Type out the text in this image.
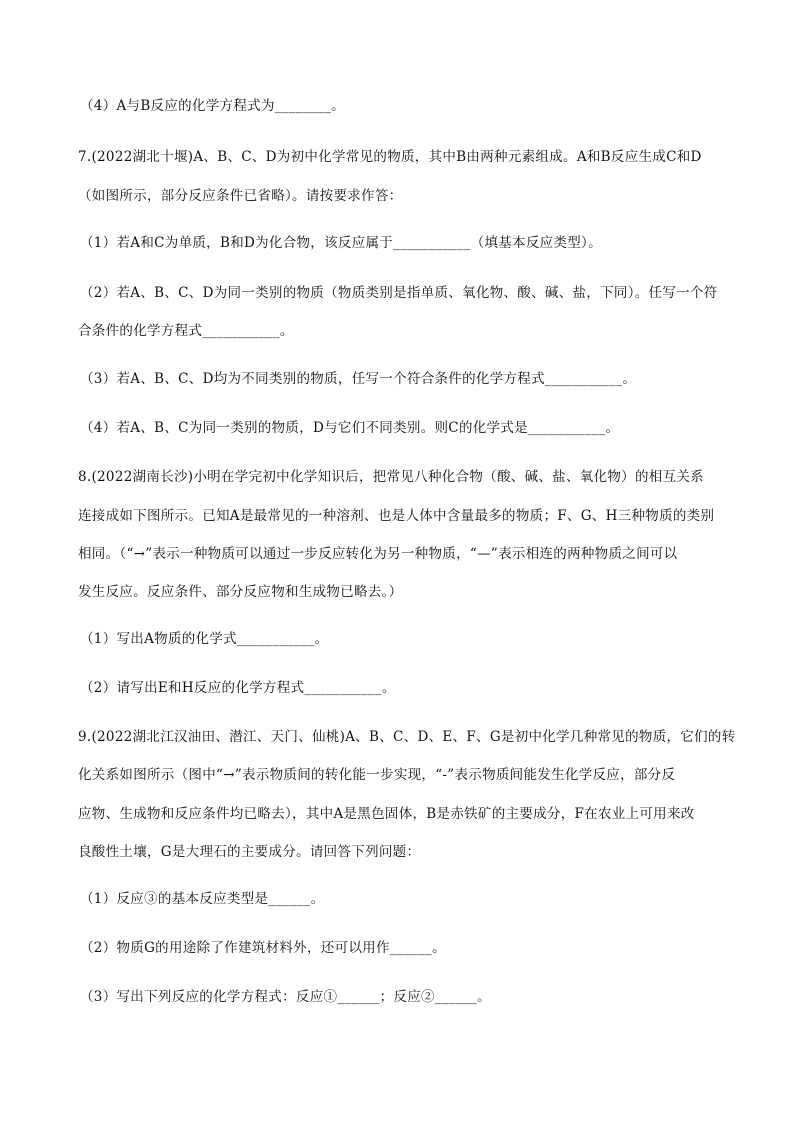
（4）A与B反应的化学方程式为________。
7.(2022湖北十堰)A、B、C、D为初中化学常见的物质，其中B由两种元素组成。A和B反应生成C和D
（如图所示，部分反应条件已省略）。请按要求作答：
（1）若A和C为单质，B和D为化合物，该反应属于___________（填基本反应类型）。
（2）若A、B、C、D为同一类别的物质（物质类别是指单质、氧化物、酸、碱、盐，下同）。任写一个符
合条件的化学方程式___________。
（3）若A、B、C、D均为不同类别的物质，任写一个符合条件的化学方程式___________。
（4）若A、B、C为同一类别的物质，D与它们不同类别。则C的化学式是___________。
8.(2022湖南长沙)小明在学完初中化学知识后，把常见八种化合物（酸、碱、盐、氧化物）的相互关系
连接成如下图所示。已知A是最常见的一种溶剂、也是人体中含量最多的物质；F、G、H三种物质的类别
相同。（“→”表示一种物质可以通过一步反应转化为另一种物质，“—”表示相连的两种物质之间可以
发生反应。反应条件、部分反应物和生成物已略去。）
（1）写出A物质的化学式___________。
（2）请写出E和H反应的化学方程式___________。
9.(2022湖北江汉油田、潜江、天门、仙桃)A、B、C、D、E、F、G是初中化学几种常见的物质，它们的转
化关系如图所示（图中“→”表示物质间的转化能一步实现，“-”表示物质间能发生化学反应，部分反
应物、生成物和反应条件均已略去），其中A是黑色固体，B是赤铁矿的主要成分，F在农业上可用来改
良酸性土壤，G是大理石的主要成分。请回答下列问题：
（1）反应③的基本反应类型是______。
（2）物质G的用途除了作建筑材料外，还可以用作______。
（3）写出下列反应的化学方程式：反应①______；反应②______。
